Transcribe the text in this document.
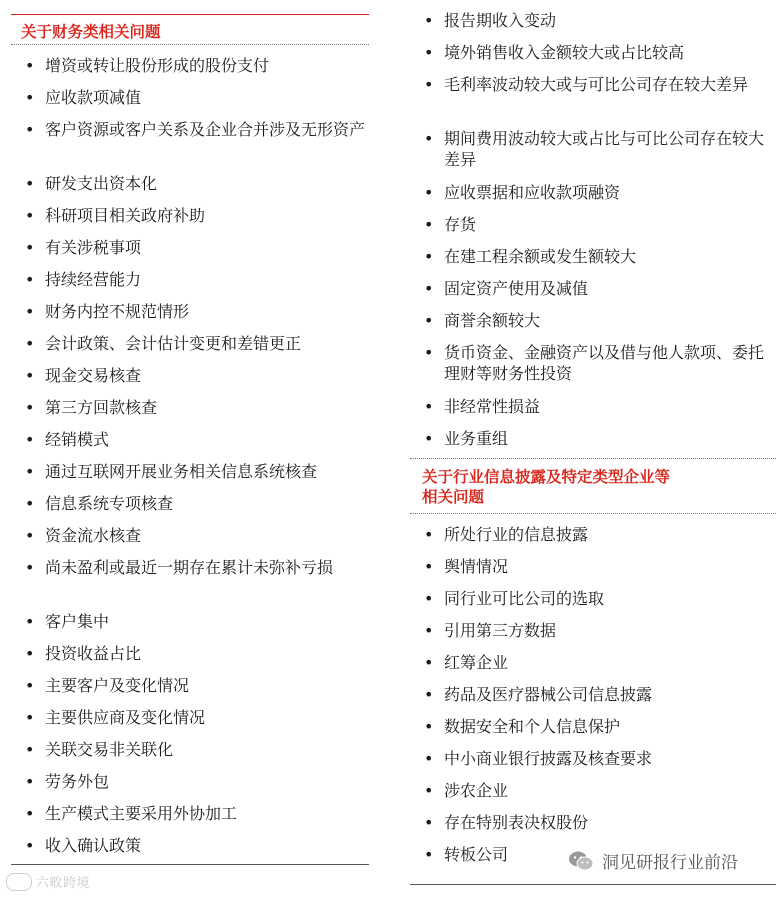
关于财务类相关问题
• 增资或转让股份形成的股份支付
• 应收款项减值
• 客户资源或客户关系及企业合并涉及无形资产
• 研发支出资本化
• 科研项目相关政府补助
• 有关涉税事项
• 持续经营能力
• 财务内控不规范情形
• 会计政策、会计估计变更和差错更正
• 现金交易核查
• 第三方回款核查
• 经销模式
• 通过互联网开展业务相关信息系统核查
• 信息系统专项核查
• 资金流水核查
• 尚未盈利或最近一期存在累计未弥补亏损
• 客户集中
• 投资收益占比
• 主要客户及变化情况
• 主要供应商及变化情况
• 关联交易非关联化
• 劳务外包
• 生产模式主要采用外协加工
• 收入确认政策
• 报告期收入变动
• 境外销售收入金额较大或占比较高
• 毛利率波动较大或与可比公司存在较大差异
• 期间费用波动较大或占比与可比公司存在较大差异
• 应收票据和应收款项融资
• 存货
• 在建工程余额或发生额较大
• 固定资产使用及减值
• 商誉余额较大
• 货币资金、金融资产以及借与他人款项、委托理财等财务性投资
• 非经常性损益
• 业务重组
关于行业信息披露及特定类型企业等
相关问题
• 所处行业的信息披露
• 舆情情况
• 同行业可比公司的选取
• 引用第三方数据
• 红筹企业
• 药品及医疗器械公司信息披露
• 数据安全和个人信息保护
• 中小商业银行披露及核查要求
• 涉农企业
• 存在特别表决权股份
• 转板公司
六畋跨境
洞见研报行业前沿
